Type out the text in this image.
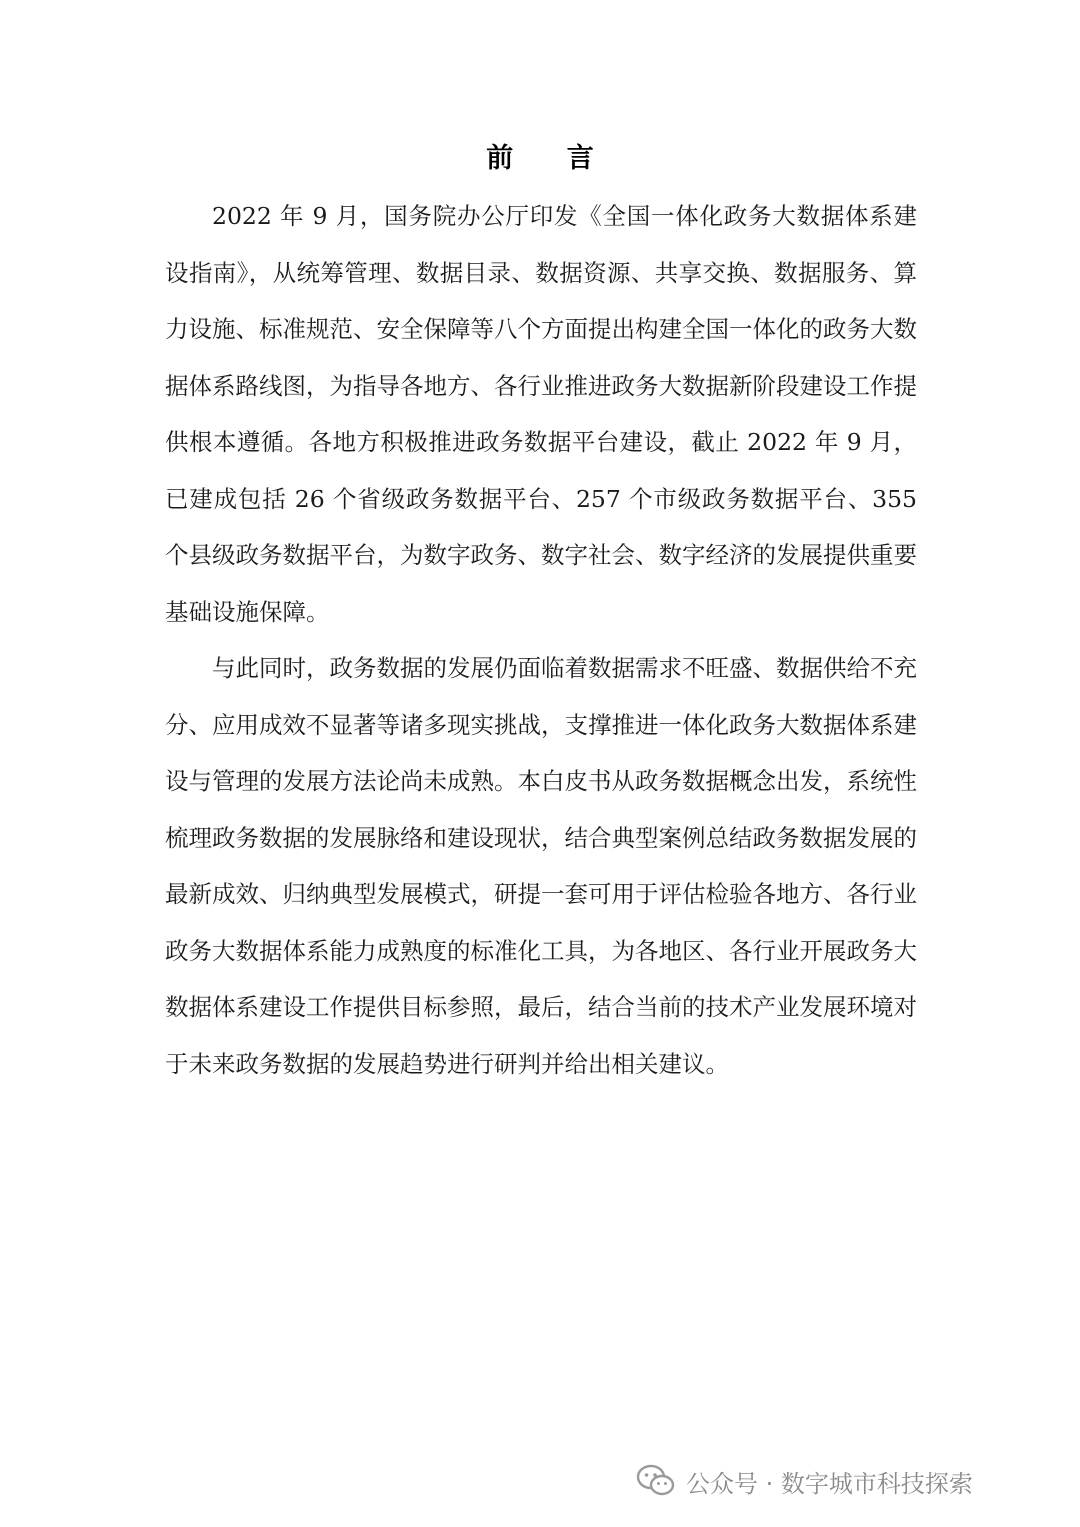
前 言

2022 年 9 月，国务院办公厅印发《全国一体化政务大数据体系建设指南》，从统筹管理、数据目录、数据资源、共享交换、数据服务、算力设施、标准规范、安全保障等八个方面提出构建全国一体化的政务大数据体系路线图，为指导各地方、各行业推进政务大数据新阶段建设工作提供根本遵循。各地方积极推进政务数据平台建设，截止 2022 年 9 月，已建成包括 26 个省级政务数据平台、257 个市级政务数据平台、355 个县级政务数据平台，为数字政务、数字社会、数字经济的发展提供重要基础设施保障。

与此同时，政务数据的发展仍面临着数据需求不旺盛、数据供给不充分、应用成效不显著等诸多现实挑战，支撑推进一体化政务大数据体系建设与管理的发展方法论尚未成熟。本白皮书从政务数据概念出发，系统性梳理政务数据的发展脉络和建设现状，结合典型案例总结政务数据发展的最新成效、归纳典型发展模式，研提一套可用于评估检验各地方、各行业政务大数据体系能力成熟度的标准化工具，为各地区、各行业开展政务大数据体系建设工作提供目标参照，最后，结合当前的技术产业发展环境对于未来政务数据的发展趋势进行研判并给出相关建议。

公众号 · 数字城市科技探索
